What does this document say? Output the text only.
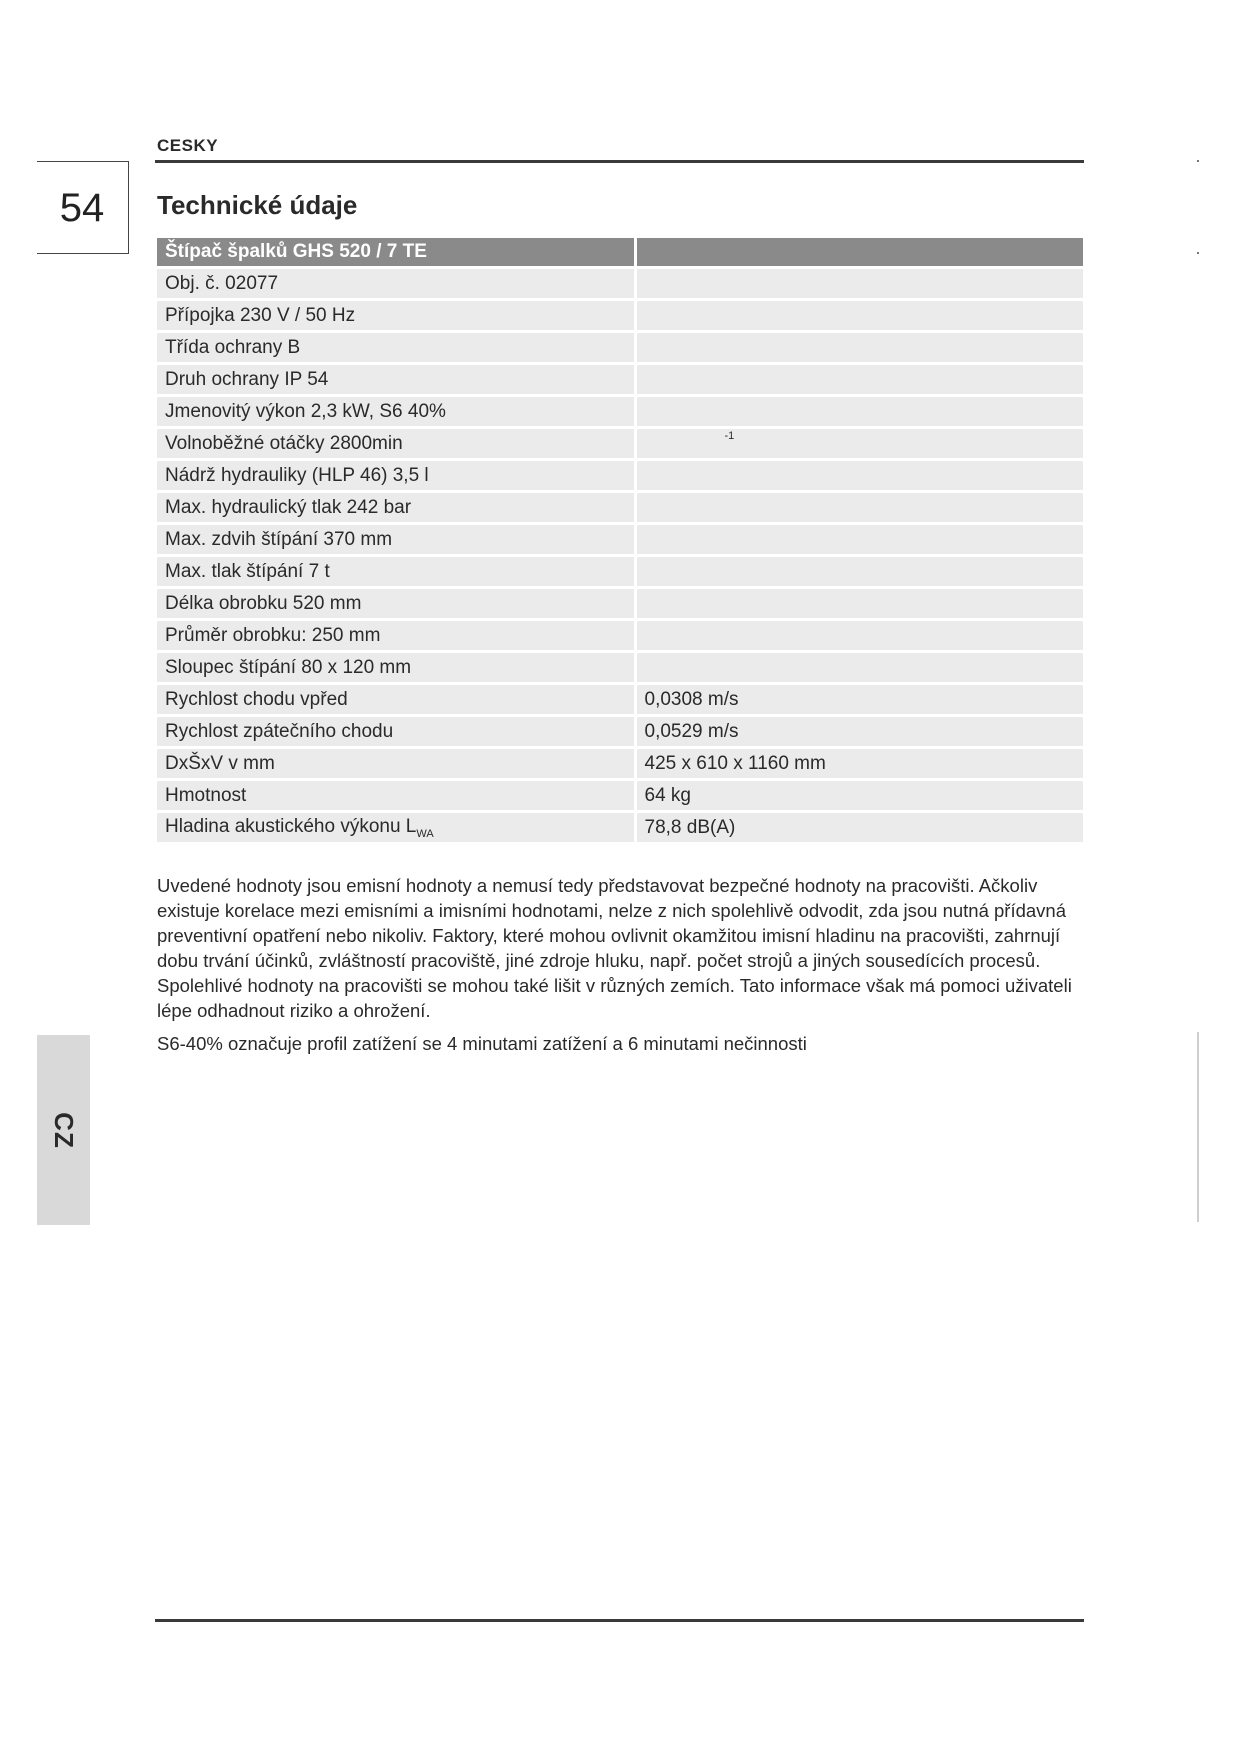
CESKY
54	Technické údaje
Štípač špalků GHS 520 / 7 TE	
Obj. č. 02077	
Přípojka 230 V / 50 Hz	
Třída ochrany B	
Druh ochrany IP 54	
Jmenovitý výkon 2,3 kW, S6 40%	
Volnoběžné otáčky 2800min	$^{-1}$
Nádrž hydrauliky (HLP 46) 3,5 l	
Max. hydraulický tlak 242 bar	
Max. zdvih štípání 370 mm	
Max. tlak štípání 7 t	
Délka obrobku 520 mm	
Průměr obrobku: 250 mm	
Sloupec štípání 80 x 120 mm	
Rychlost chodu vpřed	0,0308 m/s
Rychlost zpátečního chodu	0,0529 m/s
DxŠxV v mm	425 x 610 x 1160 mm
Hmotnost	64 kg
Hladina akustického výkonu $L_{WA}$	78,8 dB(A)
Uvedené hodnoty jsou emisní hodnoty a nemusí tedy představovat bezpečné hodnoty na pracovišti. Ačkoliv existuje korelace mezi emisními a imisními hodnotami, nelze z nich spolehlivě odvodit, zda jsou nutná přídavná preventivní opatření nebo nikoliv. Faktory, které mohou ovlivnit okamžitou imisní hladinu na pracovišti, zahrnují dobu trvání účinků, zvláštností pracoviště, jiné zdroje hluku, např. počet strojů a jiných sousedících procesů. Spolehlivé hodnoty na pracovišti se mohou také lišit v různých zemích. Tato informace však má pomoci uživateli lépe odhadnout riziko a ohrožení.
S6-40% označuje profil zatížení se 4 minutami zatížení a 6 minutami nečinnosti
CZ
